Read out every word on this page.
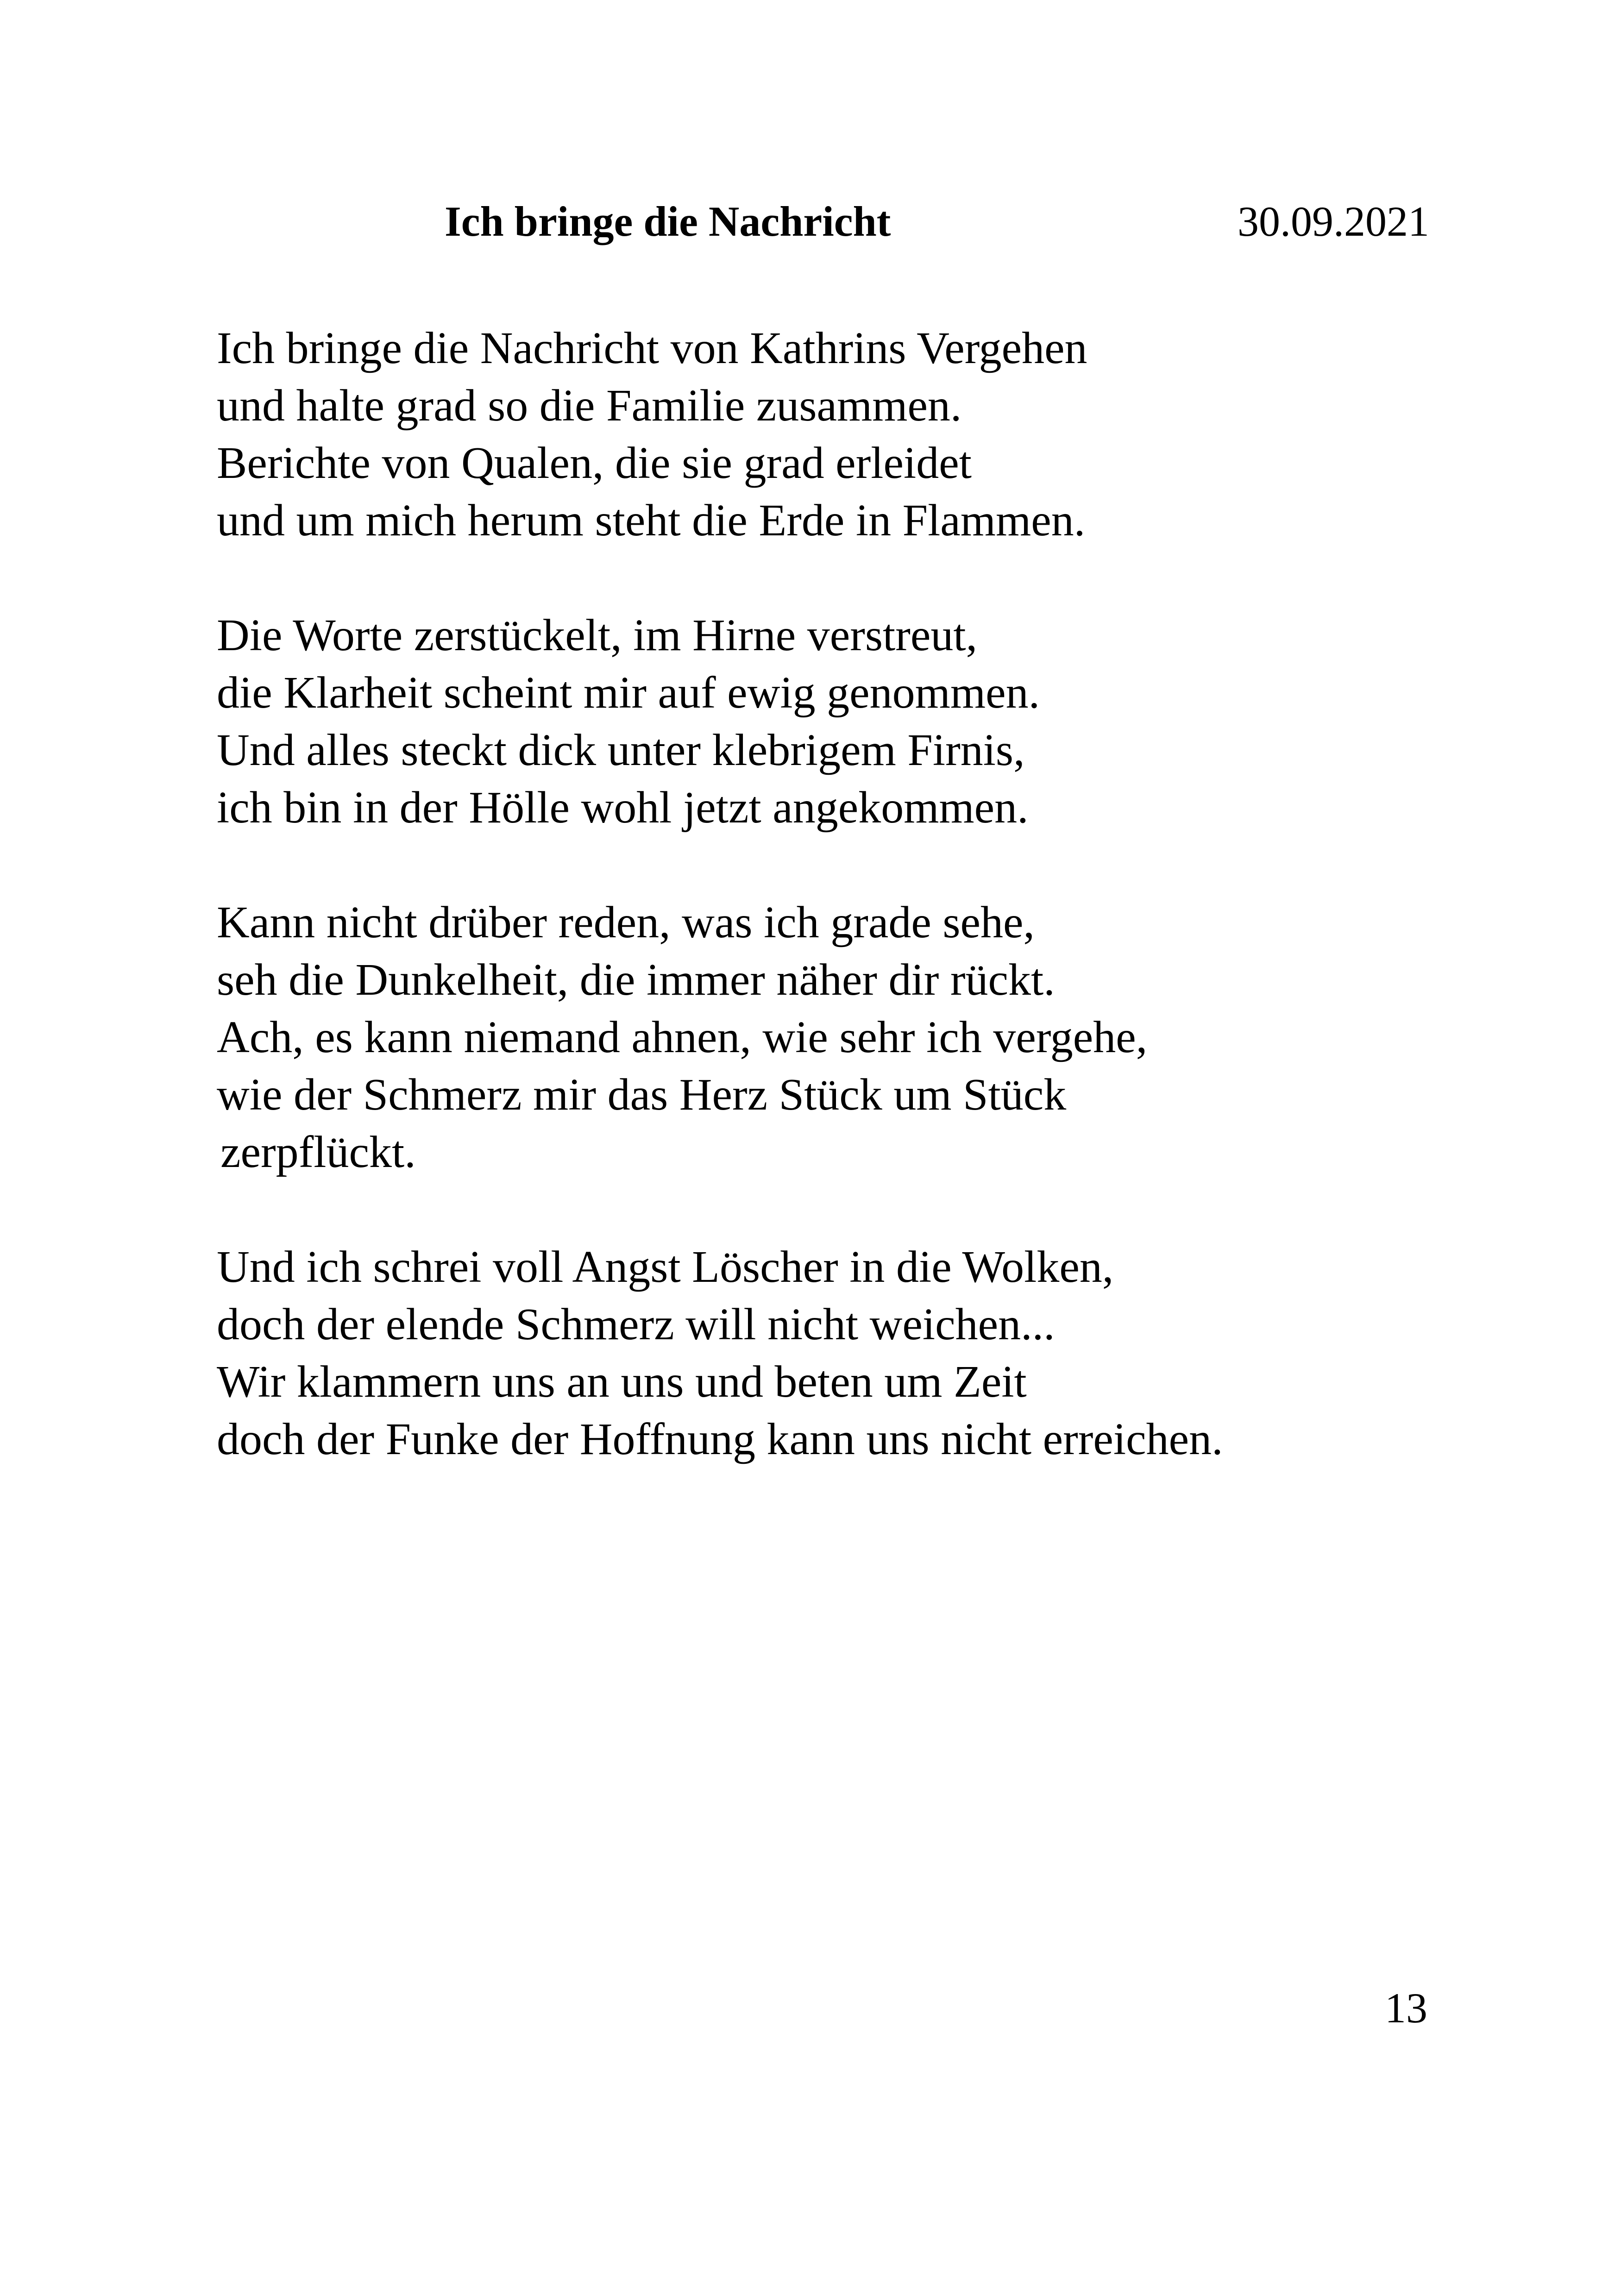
Ich bringe die Nachricht	30.09.2021
Ich bringe die Nachricht von Kathrins Vergehen
und halte grad so die Familie zusammen.
Berichte von Qualen, die sie grad erleidet
und um mich herum steht die Erde in Flammen.
Die Worte zerstückelt, im Hirne verstreut,
die Klarheit scheint mir auf ewig genommen.
Und alles steckt dick unter klebrigem Firnis,
ich bin in der Hölle wohl jetzt angekommen.
Kann nicht drüber reden, was ich grade sehe,
seh die Dunkelheit, die immer näher dir rückt.
Ach, es kann niemand ahnen, wie sehr ich vergehe,
wie der Schmerz mir das Herz Stück um Stück
zerpflückt.
Und ich schrei voll Angst Löscher in die Wolken,
doch der elende Schmerz will nicht weichen...
Wir klammern uns an uns und beten um Zeit
doch der Funke der Hoffnung kann uns nicht erreichen.
13
